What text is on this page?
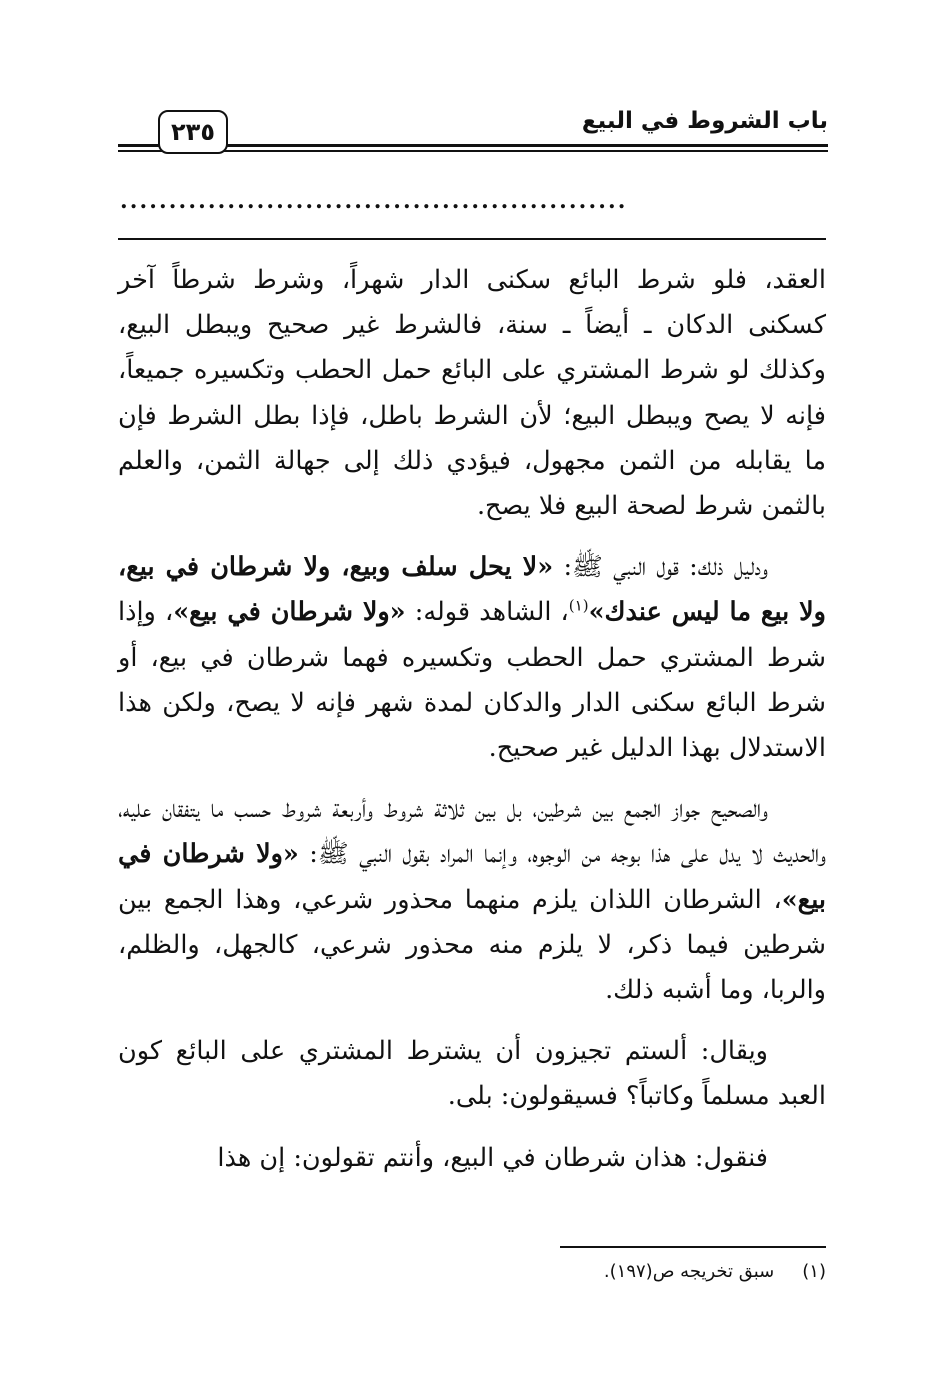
باب الشروط في البيع
٢٣٥
....................................................

العقد، فلو شرط البائع سكنى الدار شهراً، وشرط شرطاً آخر كسكنى الدكان ـ أيضاً ـ سنة، فالشرط غير صحيح ويبطل البيع، وكذلك لو شرط المشتري على البائع حمل الحطب وتكسيره جميعاً، فإنه لا يصح ويبطل البيع؛ لأن الشرط باطل، فإذا بطل الشرط فإن ما يقابله من الثمن مجهول، فيؤدي ذلك إلى جهالة الثمن، والعلم بالثمن شرط لصحة البيع فلا يصح.

ودليل ذلك: قول النبي ﷺ: «لا يحل سلف وبيع، ولا شرطان في بيع، ولا بيع ما ليس عندك»$^{(١)}$، الشاهد قوله: «ولا شرطان في بيع»، وإذا شرط المشتري حمل الحطب وتكسيره فهما شرطان في بيع، أو شرط البائع سكنى الدار والدكان لمدة شهر فإنه لا يصح، ولكن هذا الاستدلال بهذا الدليل غير صحيح.

والصحيح جواز الجمع بين شرطين، بل بين ثلاثة شروط وأربعة شروط حسب ما يتفقان عليه، والحديث لا يدل على هذا بوجه من الوجوه، وإنما المراد بقول النبي ﷺ: «ولا شرطان في بيع»، الشرطان اللذان يلزم منهما محذور شرعي، وهذا الجمع بين شرطين فيما ذكر، لا يلزم منه محذور شرعي، كالجهل، والظلم، والربا، وما أشبه ذلك.

ويقال: ألستم تجيزون أن يشترط المشتري على البائع كون العبد مسلماً وكاتباً؟ فسيقولون: بلى.

فنقول: هذان شرطان في البيع، وأنتم تقولون: إن هذا

(١)سبق تخريجه ص(١٩٧).
